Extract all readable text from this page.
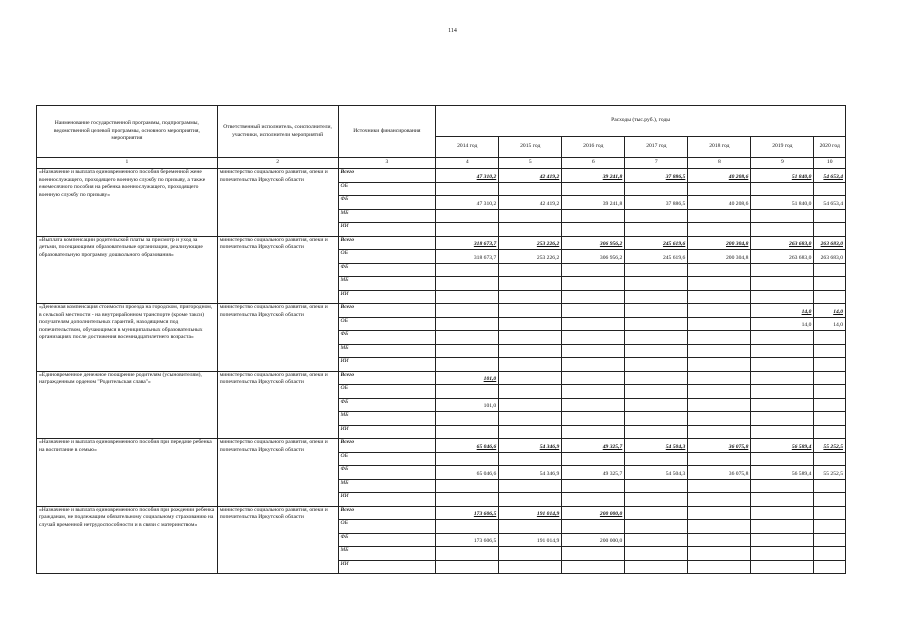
114
Наименование государственной программы, подпрограммы, ведомственной целевой программы, основного мероприятия, мероприятия	Ответственный исполнитель, соисполнители, участники, исполнители мероприятий	Источники финансирования	Расходы (тыс.руб.), годы						
			2014 год	2015 год	2016 год	2017 год	2018 год	2019 год	2020 год
1	2	3	4	5	6	7	8	9	10
«Назначение и выплата единовременного пособия беременной жене военнослужащего, проходящего военную службу по призыву, а также ежемесячного пособия на ребенка военнослужащего, проходящего военную службу по призыву»	министерство социального развития, опеки и попечительства Иркутской области	Всего	47 310,2	42 419,2	39 241,8	37 886,5	40 208,6	51 840,0	54 653,4
		ОБ							
		ФБ	47 310,2	42 419,2	39 241,8	37 886,5	40 208,6	51 840,0	54 653,4
		МБ							
		ИИ							
«Выплата компенсации родительской платы за присмотр и уход за детьми, посещающими образовательные организации, реализующие образовательную программу дошкольного образования»	министерство социального развития, опеки и попечительства Иркутской области	Всего	318 673,7	253 226,2	306 956,2	245 619,6	200 304,8	263 683,0	263 683,0
		ОБ	318 673,7	253 226,2	306 956,2	245 619,6	200 304,8	263 683,0	263 683,0
		ФБ							
		МБ							
		ИИ							
«Денежная компенсация стоимости проезда на городском, пригородном, в сельской местности - на внутрирайонном транспорте (кроме такси) получателям дополнительных гарантий, находящимся под попечительством, обучающимся в муниципальных образовательных организациях после достижения восемнадцатилетнего возраста»	министерство социального развития, опеки и попечительства Иркутской области	Всего						14,0	14,0
		ОБ						14,0	14,0
		ФБ							
		МБ							
		ИИ							
«Единовременное денежное поощрение родителям (усыновителям), награжденным орденом "Родительская слава"»	министерство социального развития, опеки и попечительства Иркутской области	Всего	101,0						
		ОБ							
		ФБ	101,0						
		МБ							
		ИИ							
«Назначение и выплата единовременного пособия при передаче ребенка на воспитание в семью»	министерство социального развития, опеки и попечительства Иркутской области	Всего	65 046,6	54 346,9	49 325,7	54 504,3	36 075,8	56 589,4	55 252,5
		ОБ							
		ФБ	65 046,6	54 346,9	49 325,7	54 504,3	36 075,8	56 589,4	55 252,5
		МБ							
		ИИ							
«Назначение и выплата единовременного пособия при рождении ребенка гражданам, не подлежащим обязательному социальному страхованию на случай временной нетрудоспособности и в связи с материнством»	министерство социального развития, опеки и попечительства Иркутской области	Всего	173 606,5	191 014,9	200 000,0				
		ОБ							
		ФБ	173 606,5	191 014,9	200 000,0				
		МБ							
		ИИ							
